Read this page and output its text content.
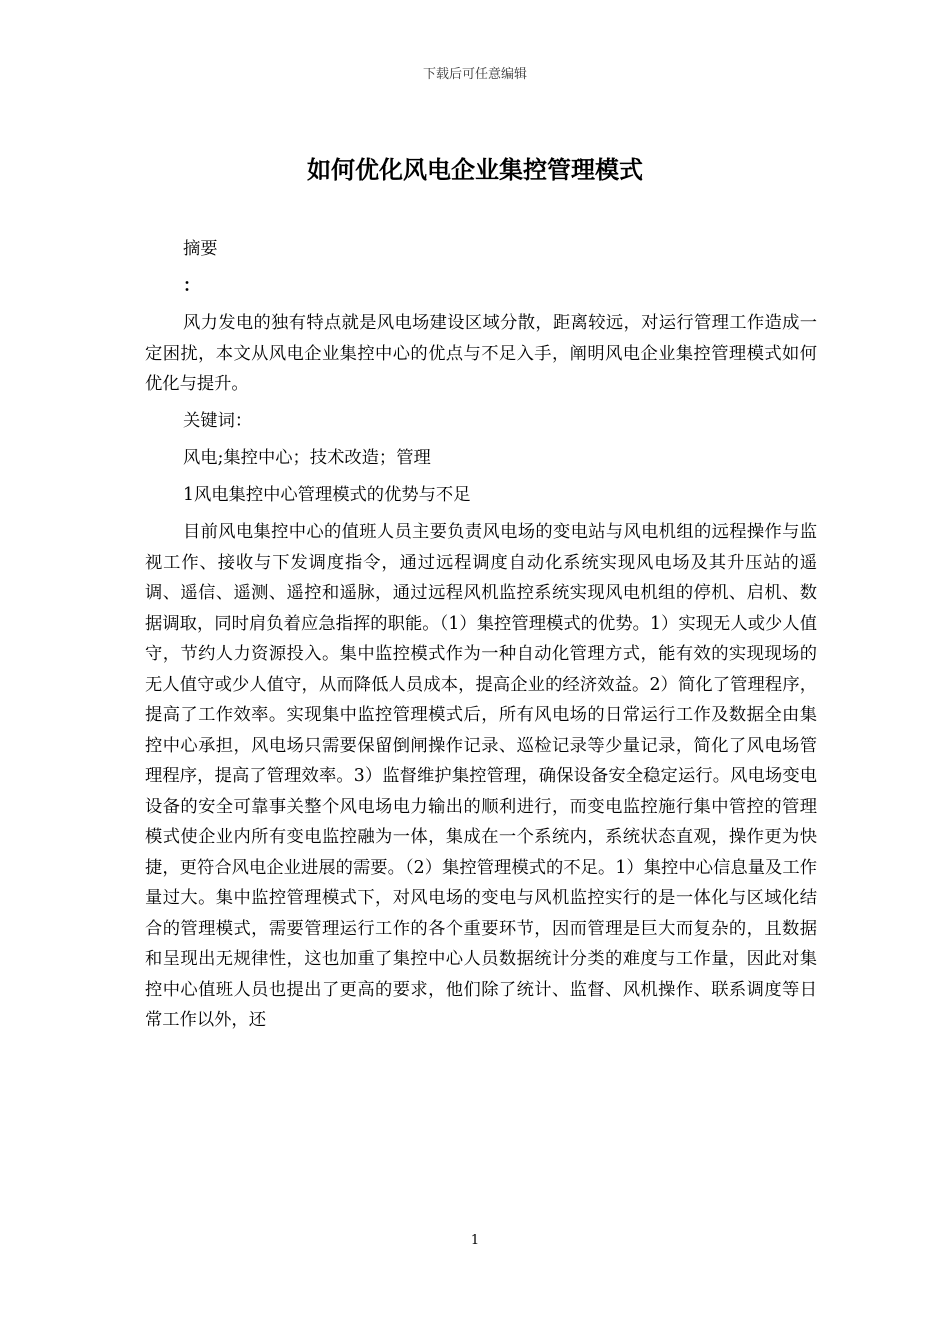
下载后可任意编辑
如何优化风电企业集控管理模式

摘要

：

风力发电的独有特点就是风电场建设区域分散，距离较远，对运行管理工作造成一定困扰，本文从风电企业集控中心的优点与不足入手，阐明风电企业集控管理模式如何优化与提升。

关键词：

风电;集控中心；技术改造；管理

1风电集控中心管理模式的优势与不足

目前风电集控中心的值班人员主要负责风电场的变电站与风电机组的远程操作与监视工作、接收与下发调度指令，通过远程调度自动化系统实现风电场及其升压站的遥调、遥信、遥测、遥控和遥脉，通过远程风机监控系统实现风电机组的停机、启机、数据调取，同时肩负着应急指挥的职能。（1）集控管理模式的优势。1）实现无人或少人值守，节约人力资源投入。集中监控模式作为一种自动化管理方式，能有效的实现现场的无人值守或少人值守，从而降低人员成本，提高企业的经济效益。2）简化了管理程序，提高了工作效率。实现集中监控管理模式后，所有风电场的日常运行工作及数据全由集控中心承担，风电场只需要保留倒闸操作记录、巡检记录等少量记录，简化了风电场管理程序，提高了管理效率。3）监督维护集控管理，确保设备安全稳定运行。风电场变电设备的安全可靠事关整个风电场电力输出的顺利进行，而变电监控施行集中管控的管理模式使企业内所有变电监控融为一体，集成在一个系统内，系统状态直观，操作更为快捷，更符合风电企业进展的需要。（2）集控管理模式的不足。1）集控中心信息量及工作量过大。集中监控管理模式下，对风电场的变电与风机监控实行的是一体化与区域化结合的管理模式，需要管理运行工作的各个重要环节，因而管理是巨大而复杂的，且数据和呈现出无规律性，这也加重了集控中心人员数据统计分类的难度与工作量，因此对集控中心值班人员也提出了更高的要求，他们除了统计、监督、风机操作、联系调度等日常工作以外，还

1
